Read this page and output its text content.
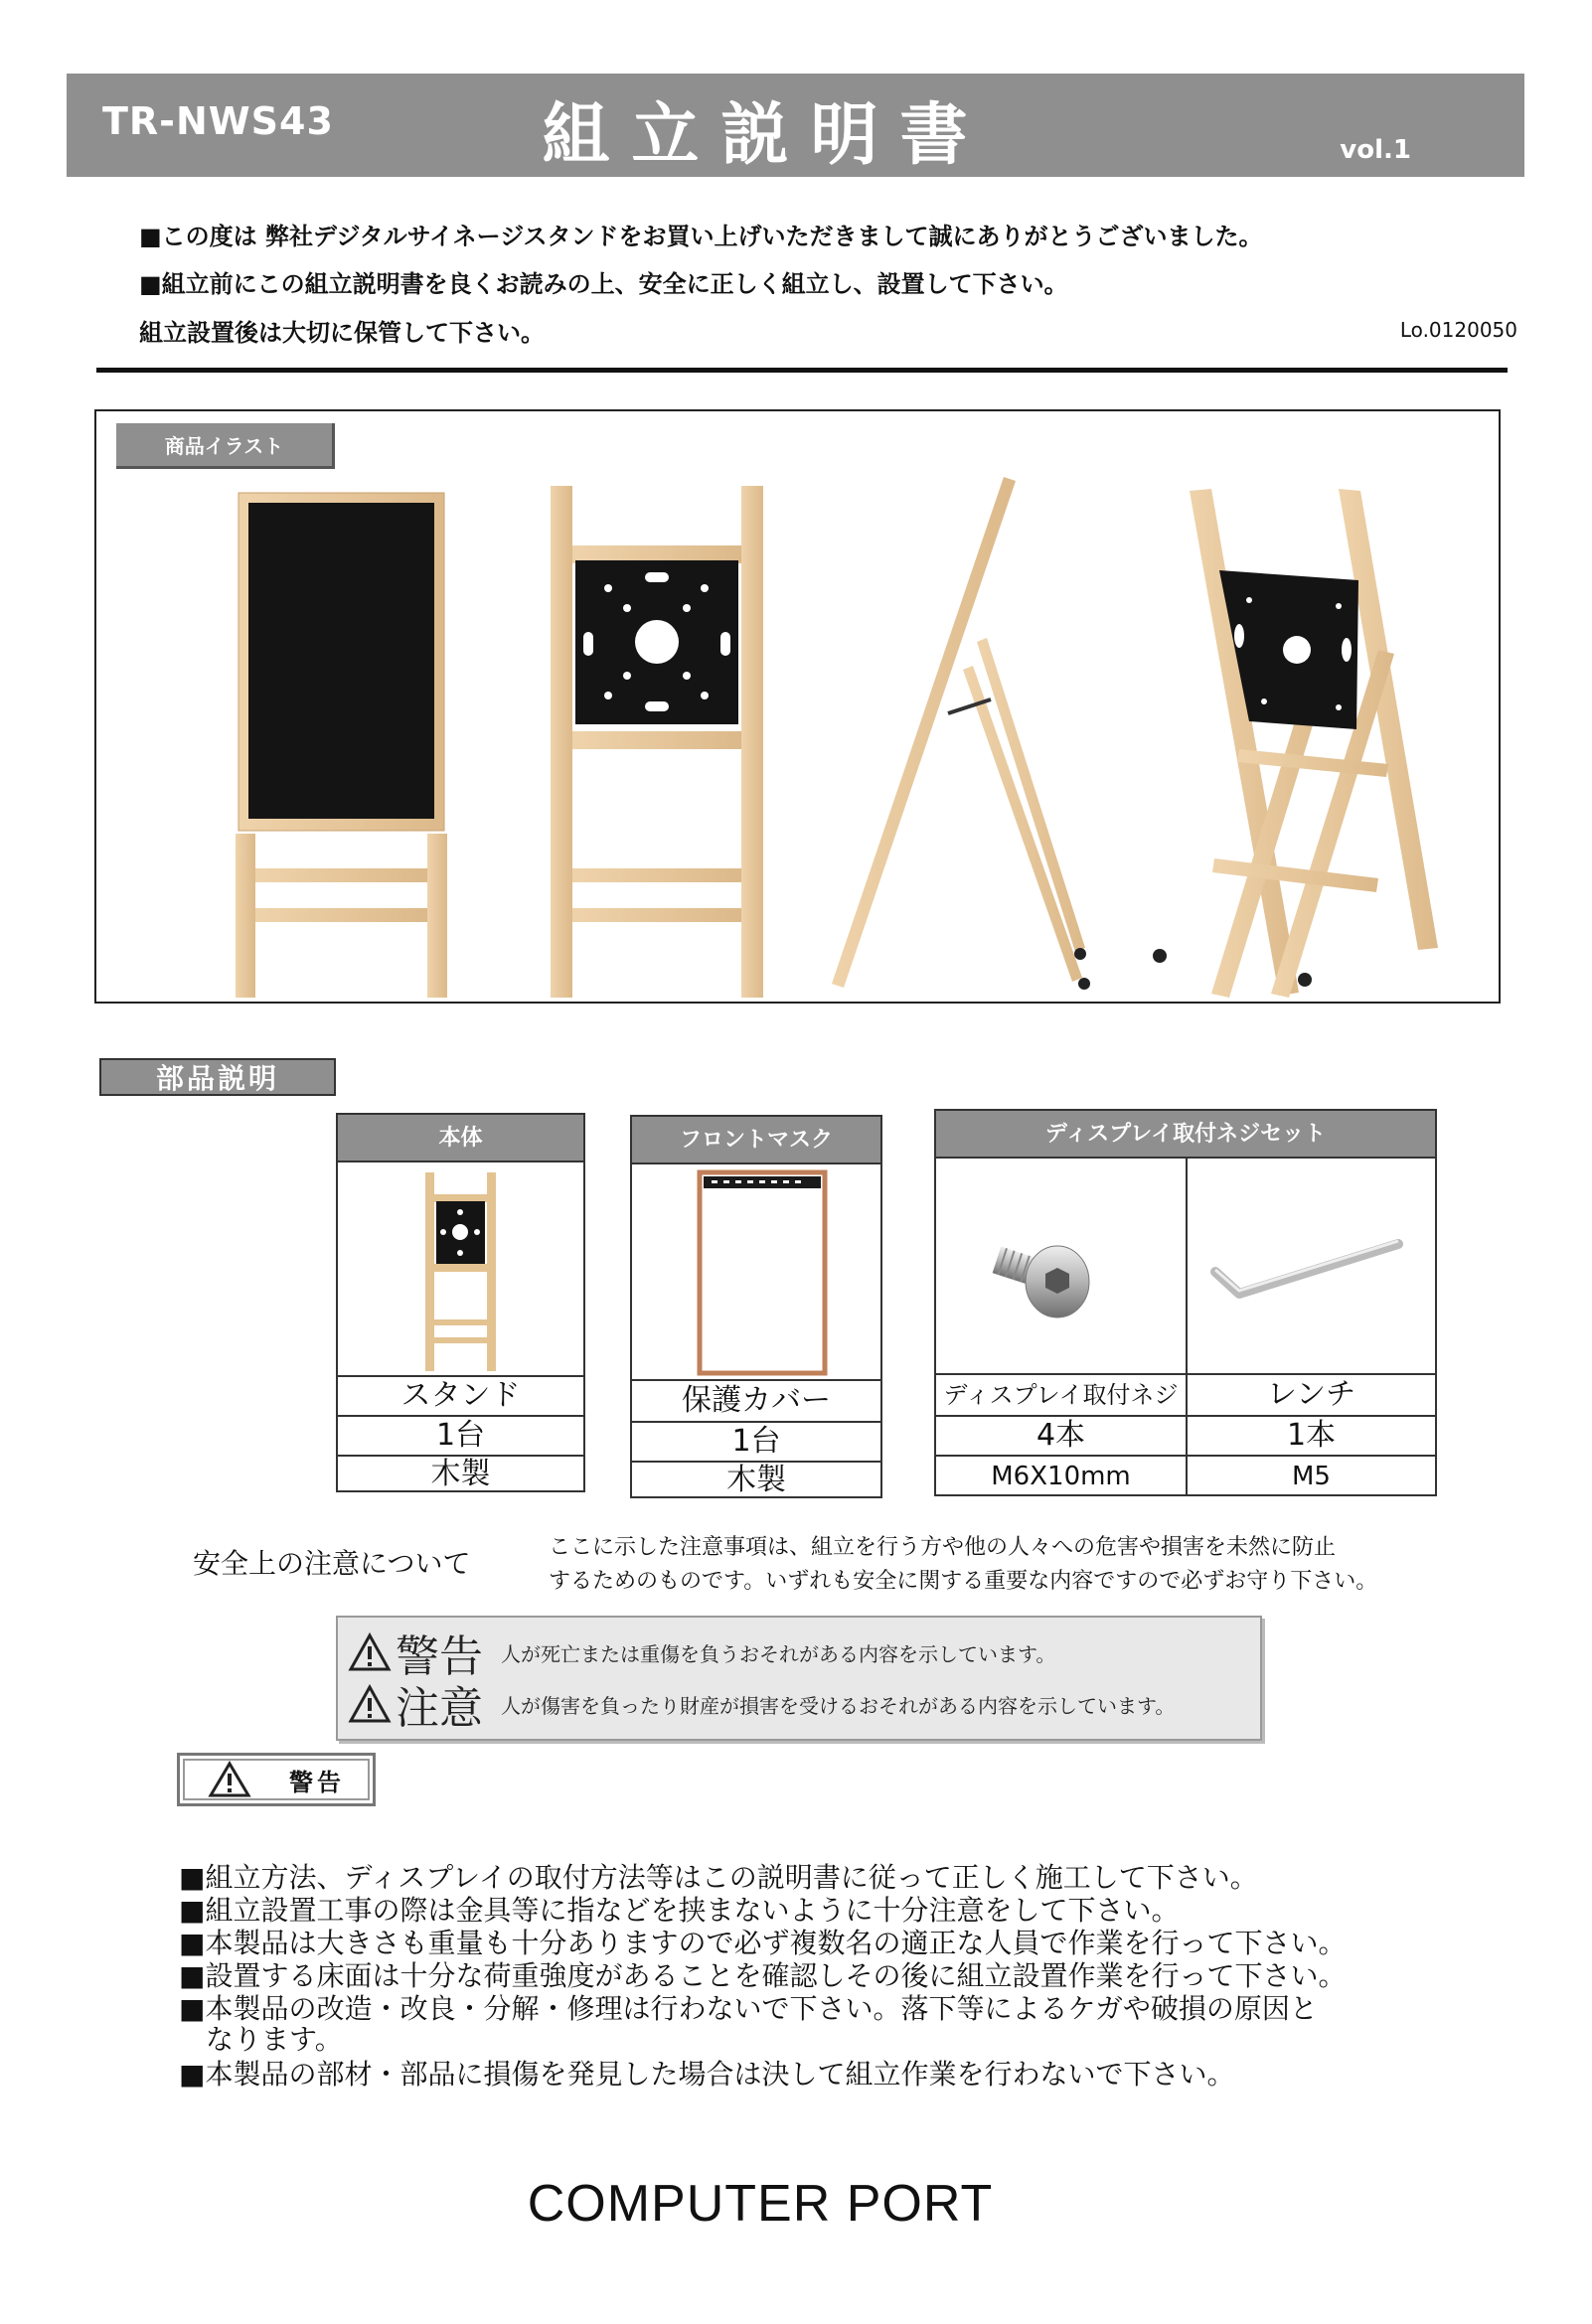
TR-NWS43	組立説明書	vol.1
■この度は 弊社デジタルサイネージスタンドをお買い上げいただきまして誠にありがとうございました。
■組立前にこの組立説明書を良くお読みの上、安全に正しく組立し、設置して下さい。
組立設置後は大切に保管して下さい。	Lo.0120050
商品イラスト
部品説明
本体
スタンド
1台
木製
フロントマスク
保護カバー
1台
木製
ディスプレイ取付ネジセット
ディスプレイ取付ネジ	レンチ
4本	1本
M6X10mm	M5
安全上の注意について	ここに示した注意事項は、組立を行う方や他の人々への危害や損害を未然に防止
するためのものです。いずれも安全に関する重要な内容ですので必ずお守り下さい。
警告 人が死亡または重傷を負うおそれがある内容を示しています。
注意 人が傷害を負ったり財産が損害を受けるおそれがある内容を示しています。
警告
■組立方法、ディスプレイの取付方法等はこの説明書に従って正しく施工して下さい。
■組立設置工事の際は金具等に指などを挟まないように十分注意をして下さい。
■本製品は大きさも重量も十分ありますので必ず複数名の適正な人員で作業を行って下さい。
■設置する床面は十分な荷重強度があることを確認しその後に組立設置作業を行って下さい。
■本製品の改造・改良・分解・修理は行わないで下さい。落下等によるケガや破損の原因と
なります。
■本製品の部材・部品に損傷を発見した場合は決して組立作業を行わないで下さい。
COMPUTER PORT
